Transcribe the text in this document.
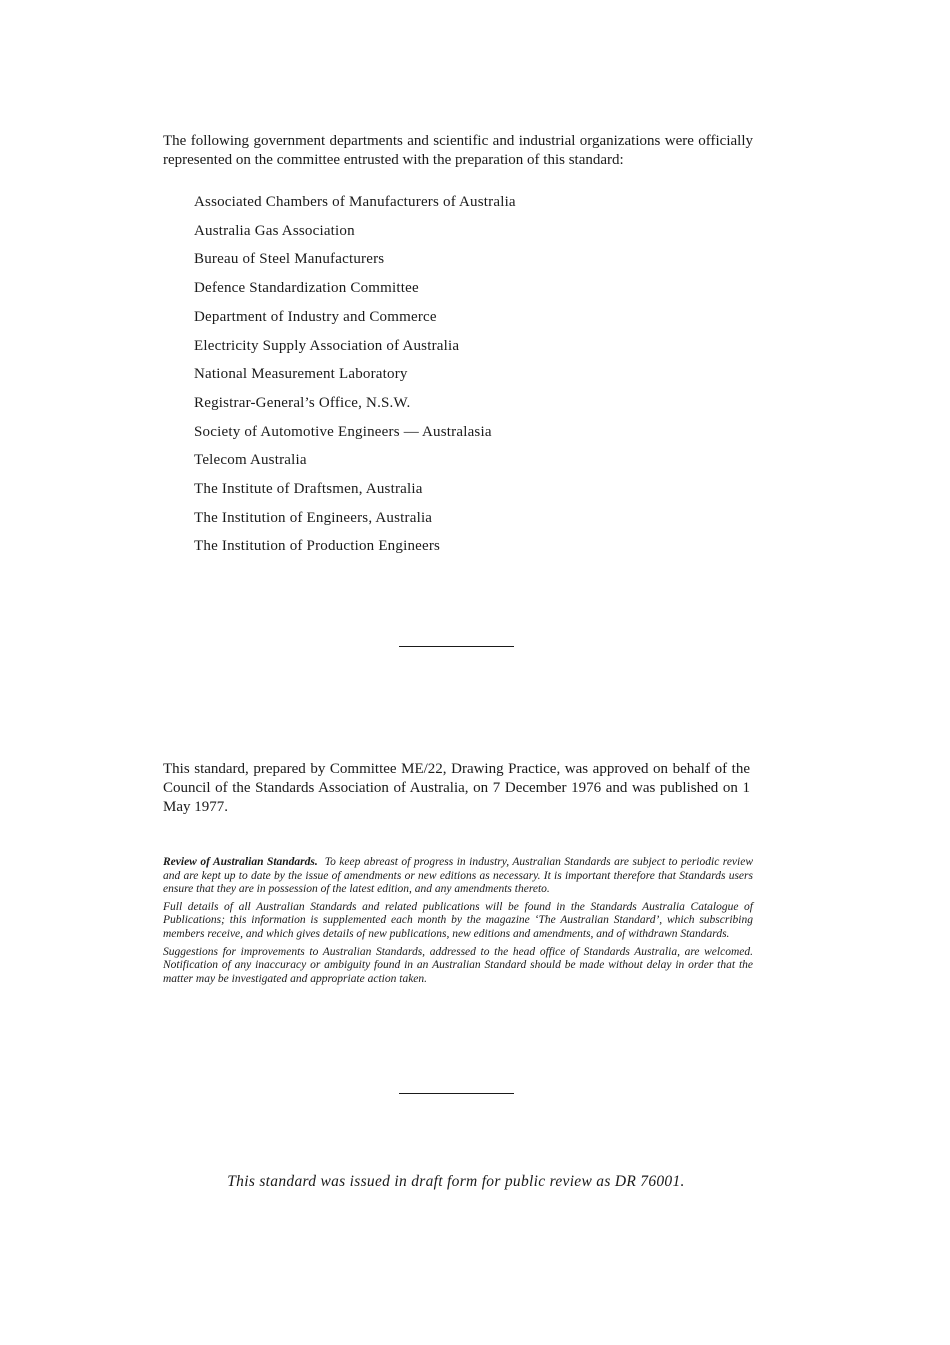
The following government departments and scientific and industrial organizations were officially represented on the committee entrusted with the preparation of this standard:

Associated Chambers of Manufacturers of Australia
Australia Gas Association
Bureau of Steel Manufacturers
Defence Standardization Committee
Department of Industry and Commerce
Electricity Supply Association of Australia
National Measurement Laboratory
Registrar-General’s Office, N.S.W.
Society of Automotive Engineers — Australasia
Telecom Australia
The Institute of Draftsmen, Australia
The Institution of Engineers, Australia
The Institution of Production Engineers

This standard, prepared by Committee ME/22, Drawing Practice, was approved on behalf of the Council of the Standards Association of Australia, on 7 December 1976 and was published on 1 May 1977.

Review of Australian Standards. To keep abreast of progress in industry, Australian Standards are subject to periodic review and are kept up to date by the issue of amendments or new editions as necessary. It is important therefore that Standards users ensure that they are in possession of the latest edition, and any amendments thereto.

Full details of all Australian Standards and related publications will be found in the Standards Australia Catalogue of Publications; this information is supplemented each month by the magazine ‘The Australian Standard’, which subscribing members receive, and which gives details of new publications, new editions and amendments, and of withdrawn Standards.

Suggestions for improvements to Australian Standards, addressed to the head office of Standards Australia, are welcomed. Notification of any inaccuracy or ambiguity found in an Australian Standard should be made without delay in order that the matter may be investigated and appropriate action taken.

This standard was issued in draft form for public review as DR 76001.
